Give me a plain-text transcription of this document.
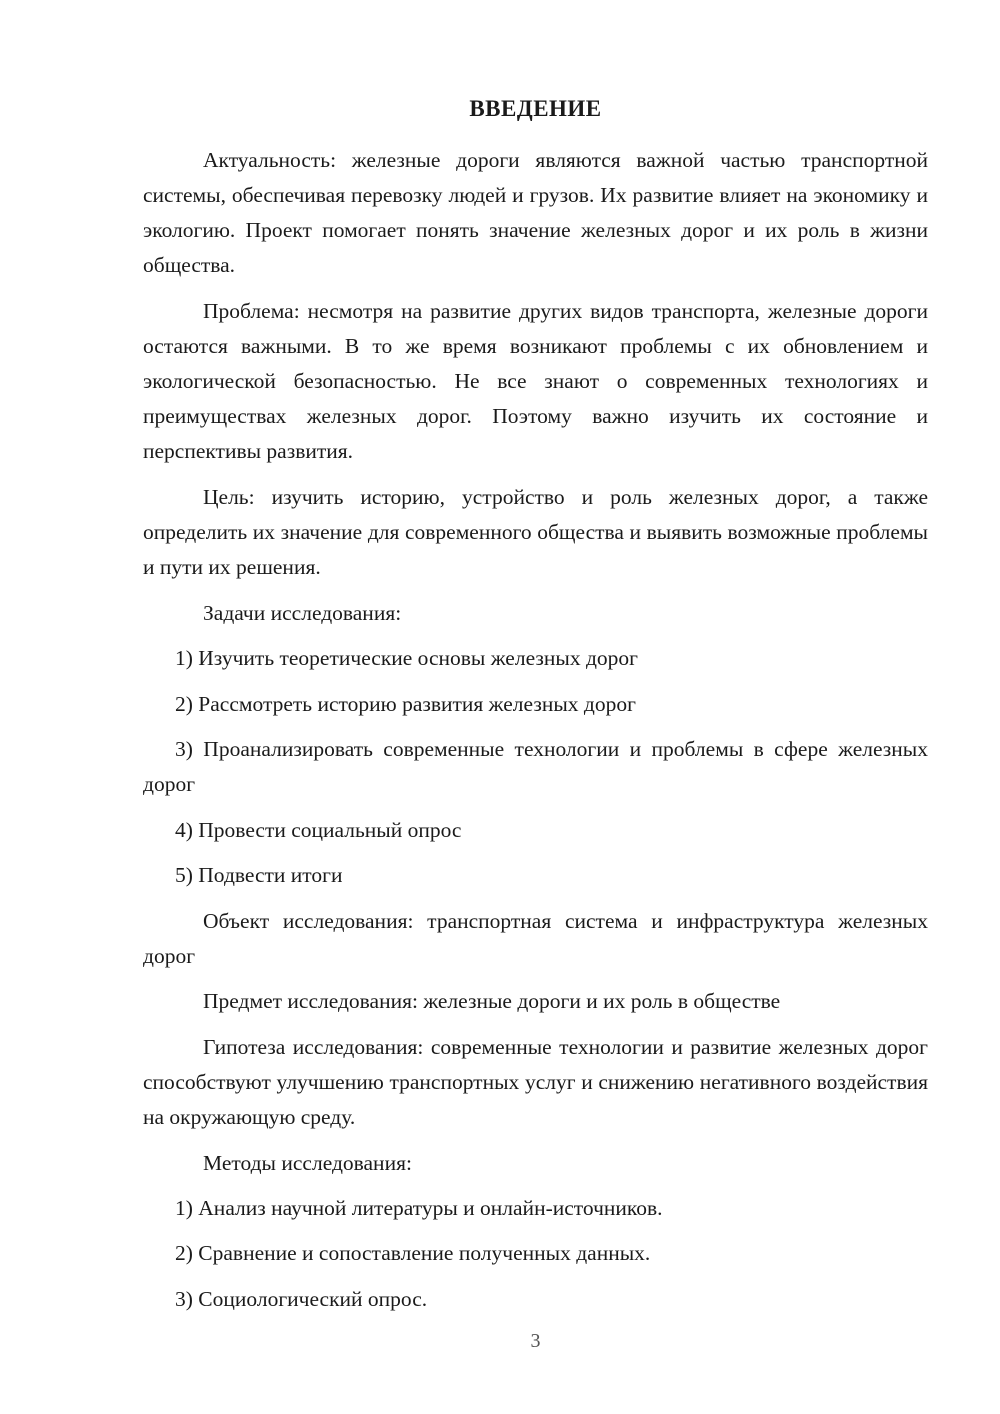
ВВЕДЕНИЕ

Актуальность: железные дороги являются важной частью транспортной системы, обеспечивая перевозку людей и грузов. Их развитие влияет на экономику и экологию. Проект помогает понять значение железных дорог и их роль в жизни общества.

Проблема: несмотря на развитие других видов транспорта, железные дороги остаются важными. В то же время возникают проблемы с их обновлением и экологической безопасностью. Не все знают о современных технологиях и преимуществах железных дорог. Поэтому важно изучить их состояние и перспективы развития.

Цель: изучить историю, устройство и роль железных дорог, а также определить их значение для современного общества и выявить возможные проблемы и пути их решения.

Задачи исследования:
1) Изучить теоретические основы железных дорог
2) Рассмотреть историю развития железных дорог

3) Проанализировать современные технологии и проблемы в сфере железных дорог

4) Провести социальный опрос
5) Подвести итоги

Объект исследования: транспортная система и инфраструктура железных дорог

Предмет исследования: железные дороги и их роль в обществе

Гипотеза исследования: современные технологии и развитие железных дорог способствуют улучшению транспортных услуг и снижению негативного воздействия на окружающую среду.

Методы исследования:
1) Анализ научной литературы и онлайн-источников.
2) Сравнение и сопоставление полученных данных.
3) Социологический опрос.
3
